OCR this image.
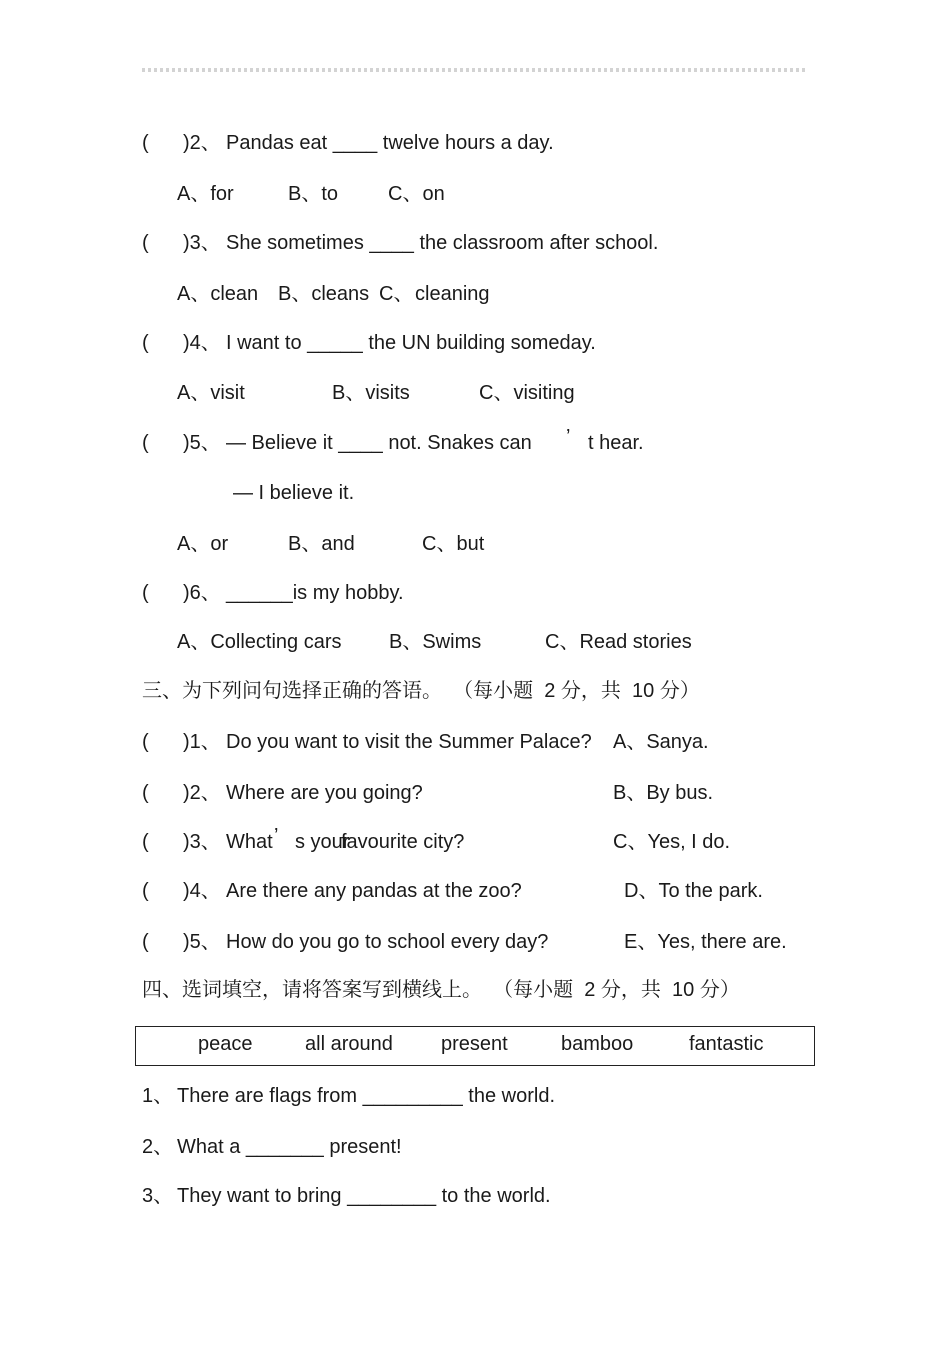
( )2、 Pandas eat ____ twelve hours a day.
A、for	B、to C、on
( )3、 She sometimes ____ the classroom after school.
A、clean B、cleans C、 cleaning
( )4、 I want to _____ the UN building someday.
A、visit	B、visits	C、visiting
( )5、 — Believe it ____ not. Snakes can ’ t hear.
— I believe it.
A、or	B、and	C、but
( )6、 ______is my hobby.
A、Collecting cars B、Swims	C、Read stories
三、为下列问句选择正确的答语。  （每小题  2 分，共  10 分）
( )1、 Do you want to visit the Summer Palace? A、Sanya.
( )2、 Where are you going?	B、By bus.
( )3、 What ’ s your
favourite city?	C、Yes, I do.
( )4、 Are there any pandas at the zoo?	D、To the park.
( )5、 How do you go to school every day?	E、Yes, there are.
四、选词填空，请将答案写到横线上。  （每小题  2 分，共  10 分）
peace	all around present	bamboo	fantastic
1、 There are flags from _________ the world.
2、 What a _______ present!
3、 They want to bring ________ to the world.
